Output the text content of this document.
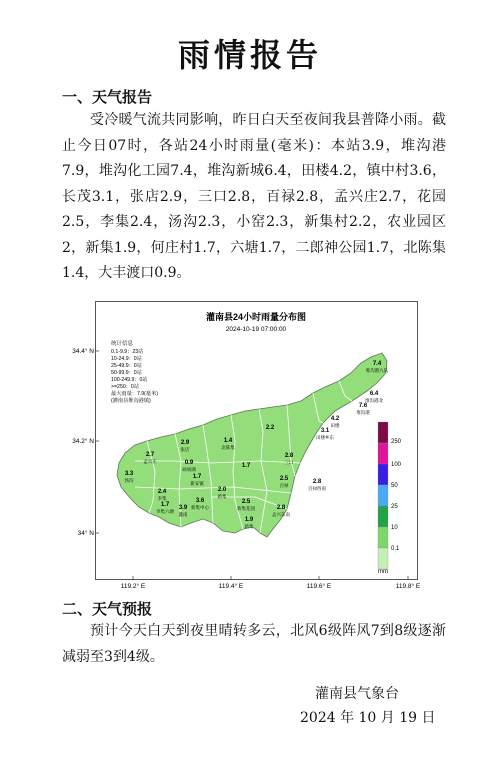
雨情报告
一、天气报告
受冷暖气流共同影响，昨日白天至夜间我县普降小雨。截止今日07时，各站24小时雨量(毫米)：本站3.9，堆沟港7.9，堆沟化工园7.4，堆沟新城6.4，田楼4.2，镇中村3.6，长茂3.1，张店2.9，三口2.8，百禄2.8，孟兴庄2.7，花园2.5，李集2.4，汤沟2.3，小窑2.3，新集村2.2，农业园区2，新集1.9，何庄村1.7，六塘1.7，二郎神公园1.7，北陈集1.4，大丰渡口0.9。
灌南县24小时雨量分布图
2024-10-19 07:00:00
统计信息
0.1-9.9：23站
10-24.9：0站
25-49.9：0站
50-99.9：0站
100-249.9：0站
>=250：0站
最大雨量：7.9(毫米)
(灌南县堆沟港镇)
7.4
堆沟港九队
6.4
堆沟港北
7.6
堆沟港
4.2
田楼
3.1
田楼乡东
2.2
1.4
北陈集
2.9
张店
2.7
孟兴庄	0.9
硕项湖
1.7
新安镇
1.7
2.8
三口
2.5
百禄
2.8
百禄西南
3.3
汤沟
2.4
李集
1.7
李集六塘
3.6
新集中心
3.9
灌南
2.0
新集
2.5
新集花园
1.9
新集
2.8
孟兴东南
34.4° N
34.2° N
34° N
119.2° E	119.4° E	119.6° E	119.8° E
250
100
50
25
10
0.1
mm
二、天气预报
预计今天白天到夜里晴转多云，北风6级阵风7到8级逐渐减弱至3到4级。
灌南县气象台
2024 年 10 月 19 日
